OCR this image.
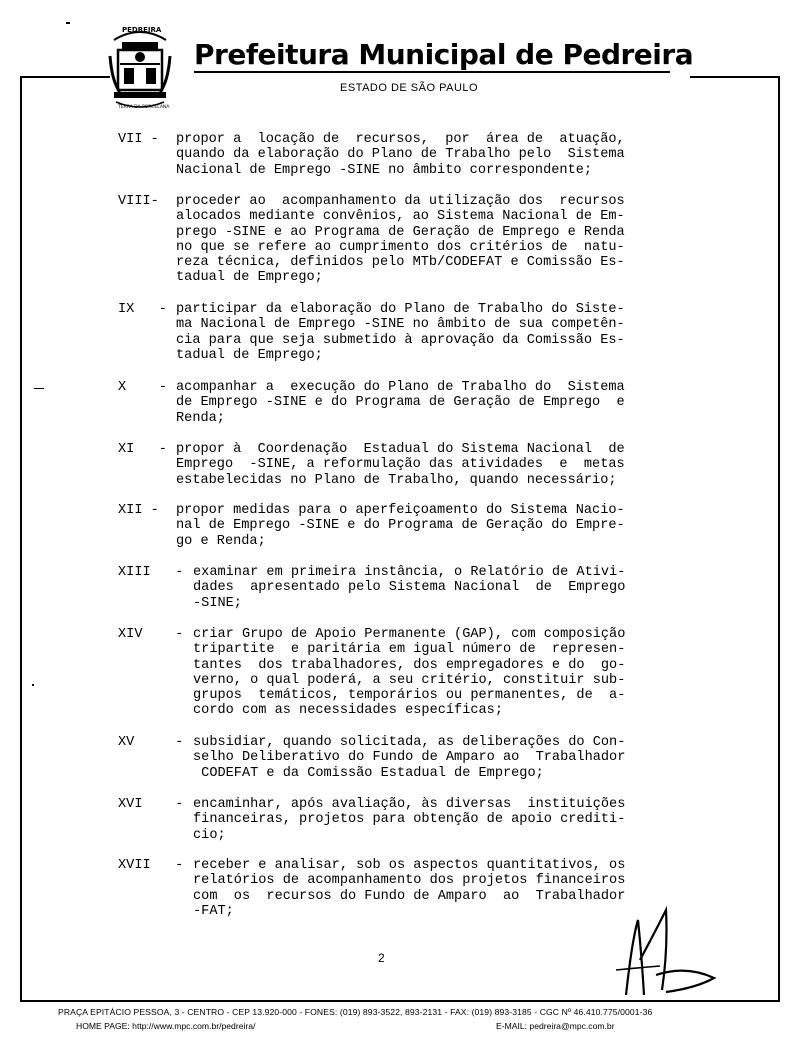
PEDREIRA
TERRA DA PORCELANA
Prefeitura Municipal de Pedreira
ESTADO DE SÃO PAULO
VII - propor a  locação de  recursos,  por  área de  atuação,
quando da elaboração do Plano de Trabalho pelo  Sistema
Nacional de Emprego -SINE no âmbito correspondente;
VIII- proceder ao  acompanhamento da utilização dos  recursos
alocados mediante convênios, ao Sistema Nacional de Em-
prego -SINE e ao Programa de Geração de Emprego e Renda
no que se refere ao cumprimento dos critérios de  natu-
reza técnica, definidos pelo MTb/CODEFAT e Comissão Es-
tadual de Emprego;
IX   - participar da elaboração do Plano de Trabalho do Siste-
ma Nacional de Emprego -SINE no âmbito de sua competên-
cia para que seja submetido à aprovação da Comissão Es-
tadual de Emprego;
X    - acompanhar a  execução do Plano de Trabalho do  Sistema
de Emprego -SINE e do Programa de Geração de Emprego  e
Renda;
XI   - propor à  Coordenação  Estadual do Sistema Nacional  de
Emprego  -SINE, a reformulação das atividades  e  metas
estabelecidas no Plano de Trabalho, quando necessário;
XII - propor medidas para o aperfeiçoamento do Sistema Nacio-
nal de Emprego -SINE e do Programa de Geração do Empre-
go e Renda;
XIII   - examinar em primeira instância, o Relatório de Ativi-
dades  apresentado pelo Sistema Nacional  de  Emprego
-SINE;
XIV    - criar Grupo de Apoio Permanente (GAP), com composição
tripartite  e paritária em igual número de  represen-
tantes  dos trabalhadores, dos empregadores e do  go-
verno, o qual poderá, a seu critério, constituir sub-
grupos  temáticos, temporários ou permanentes, de  a-
cordo com as necessidades específicas;
XV     - subsidiar, quando solicitada, as deliberações do Con-
selho Deliberativo do Fundo de Amparo ao  Trabalhador
CODEFAT e da Comissão Estadual de Emprego;
XVI    - encaminhar, após avaliação, às diversas  instituições
financeiras, projetos para obtenção de apoio crediti-
cio;
XVII   - receber e analisar, sob os aspectos quantitativos, os
relatórios de acompanhamento dos projetos financeiros
com  os  recursos do Fundo de Amparo  ao  Trabalhador
-FAT;
2
PRAÇA EPITÁCIO PESSOA, 3 - CENTRO - CEP 13.920-000 - FONES: (019) 893-3522, 893-2131 - FAX: (019) 893-3185 - CGC Nº 46.410.775/0001-36
HOME PAGE: http://www.mpc.com.br/pedreira/	E-MAIL: pedreira@mpc.com.br
